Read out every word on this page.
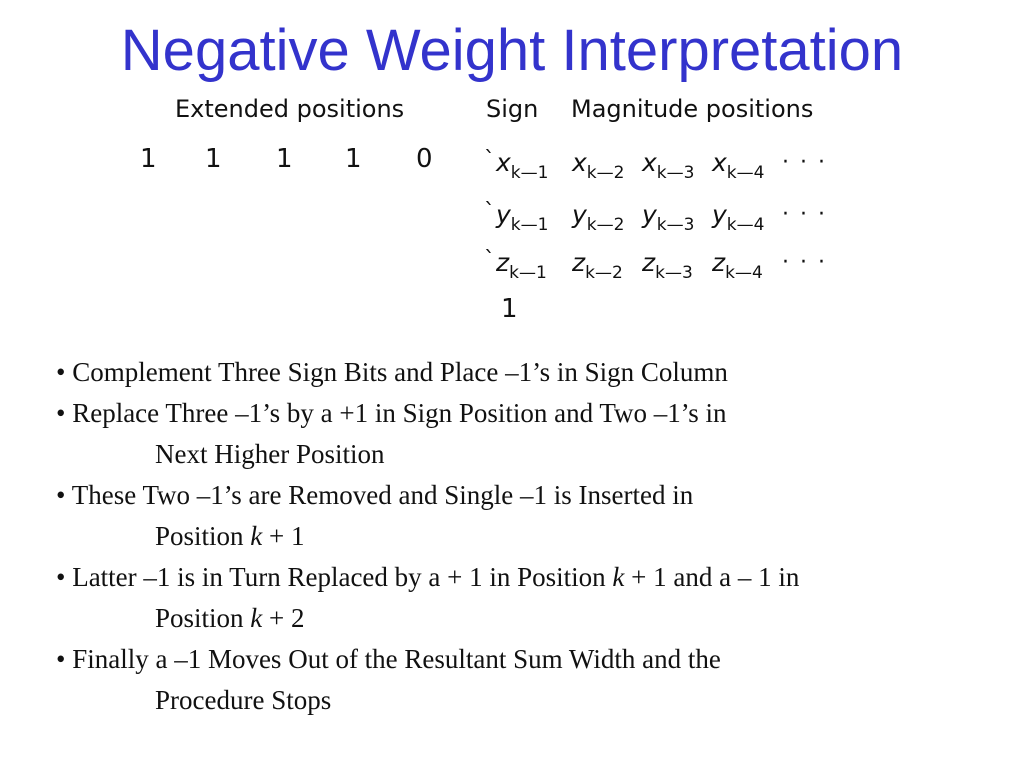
Negative Weight Interpretation
Extended positions	Sign Magnitude positions
1 1 1 1 0 ` $x_{k—1}$ $x_{k—2}$ $x_{k—3}$ $x_{k—4}$ · · ·
` $y_{k—1}$ $y_{k—2}$ $y_{k—3}$ $y_{k—4}$ · · ·
` $z_{k—1}$ $z_{k—2}$ $z_{k—3}$ $z_{k—4}$ · · ·
1
• Complement Three Sign Bits and Place –1’s in Sign Column
• Replace Three –1’s by a +1 in Sign Position and Two –1’s in
Next Higher Position
• These Two –1’s are Removed and Single –1 is Inserted in
Position k + 1
• Latter –1 is in Turn Replaced by a + 1 in Position k + 1 and a – 1 in
Position k + 2
• Finally a –1 Moves Out of the Resultant Sum Width and the
Procedure Stops
